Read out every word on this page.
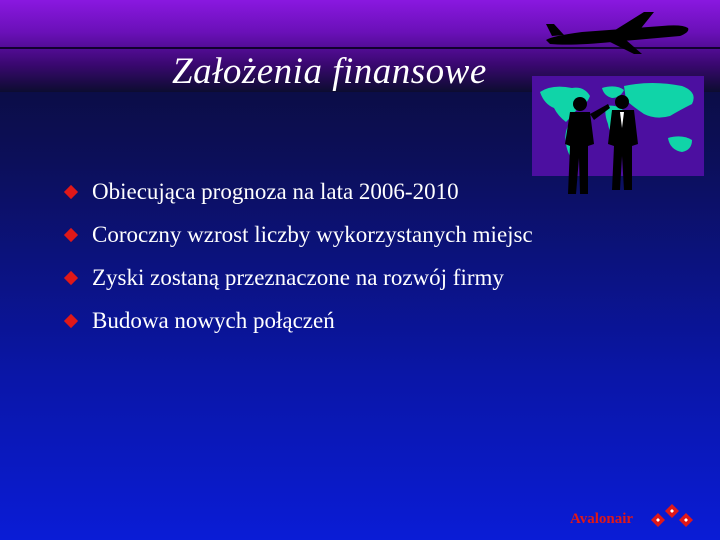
Założenia finansowe
Obiecująca prognoza na lata 2006-2010
Coroczny wzrost liczby wykorzystanych miejsc
Zyski zostaną przeznaczone na rozwój firmy
Budowa nowych połączeń
Avalonair
